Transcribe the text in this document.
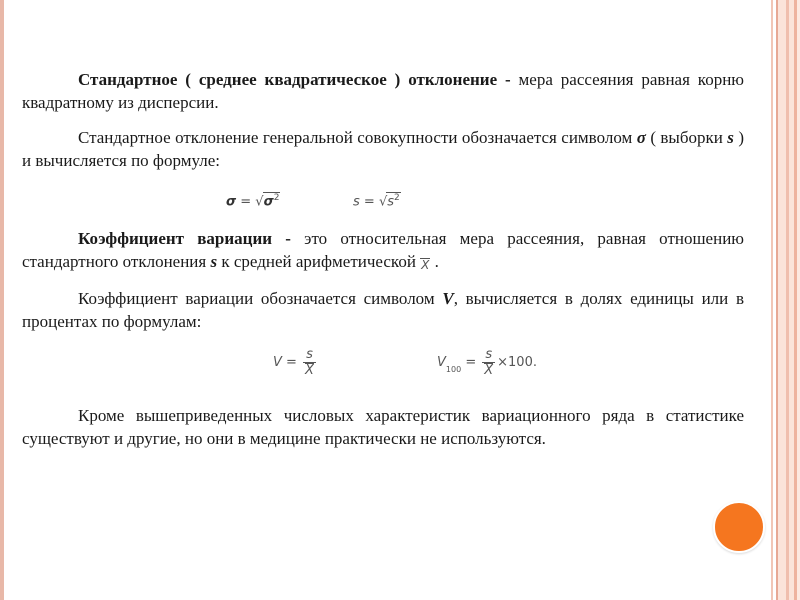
Стандартное ( среднее квадратическое ) отклонение - мера рассеяния равная корню квадратному из дисперсии.

Стандартное отклонение генеральной совокупности обозначается символом σ ( выборки s ) и вычисляется по формуле:

$\sigma = √\sigma^2$	$s = √s^2$

Коэффициент вариации - это относительная мера рассеяния, равная отношению стандартного отклонения s к средней арифметической X .

Коэффициент вариации обозначается символом V, вычисляется в долях единицы или в процентах по формулам:

$V = \frac{s}{X}$	$V_{100} = \frac{s}{X} \times 100$.

Кроме вышеприведенных числовых характеристик вариационного ряда в статистике существуют и другие, но они в медицине практически не используются.
